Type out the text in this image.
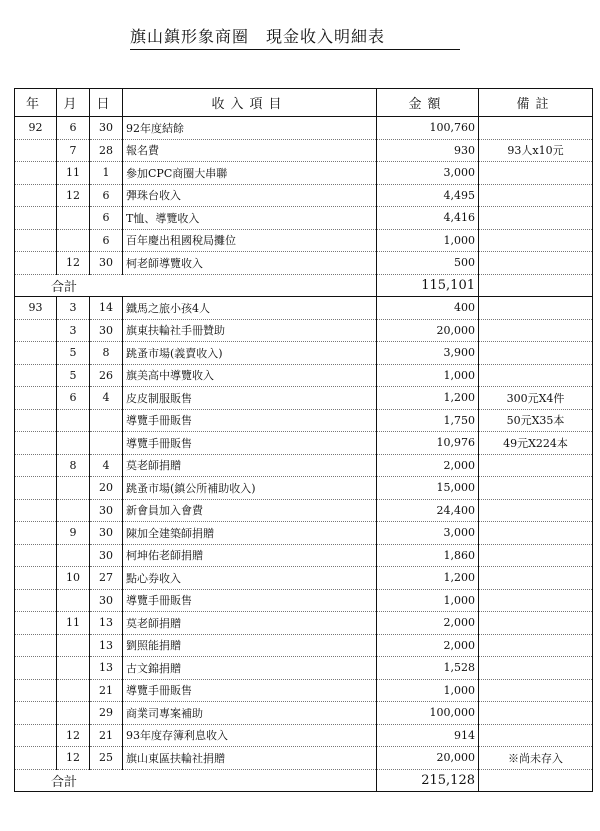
旗山鎮形象商圈　現金收入明細表
年	月	日	收入項目	金額	備註
92	6	30	92年度結餘	100,760	
	7	28	報名費	930	93人x10元
	11	1	參加CPC商圈大串聯	3,000	
	12	6	彈珠台收入	4,495	
		6	T恤、導覽收入	4,416	
		6	百年慶出租國稅局攤位	1,000	
	12	30	柯老師導覽收入	500	
合計				115,101	
93	3	14	鐵馬之旅小孩4人	400	
	3	30	旗東扶輪社手冊贊助	20,000	
	5	8	跳蚤市場(義賣收入)	3,900	
	5	26	旗美高中導覽收入	1,000	
	6	4	皮皮制服販售	1,200	300元X4件
			導覽手冊販售	1,750	50元X35本
			導覽手冊販售	10,976	49元X224本
	8	4	莫老師捐贈	2,000	
		20	跳蚤市場(鎮公所補助收入)	15,000	
		30	新會員加入會費	24,400	
	9	30	陳加全建築師捐贈	3,000	
		30	柯坤佑老師捐贈	1,860	
	10	27	點心券收入	1,200	
		30	導覽手冊販售	1,000	
	11	13	莫老師捐贈	2,000	
		13	劉照能捐贈	2,000	
		13	古文錦捐贈	1,528	
		21	導覽手冊販售	1,000	
		29	商業司專案補助	100,000	
	12	21	93年度存簿利息收入	914	
	12	25	旗山東區扶輪社捐贈	20,000	※尚未存入
合計				215,128	
